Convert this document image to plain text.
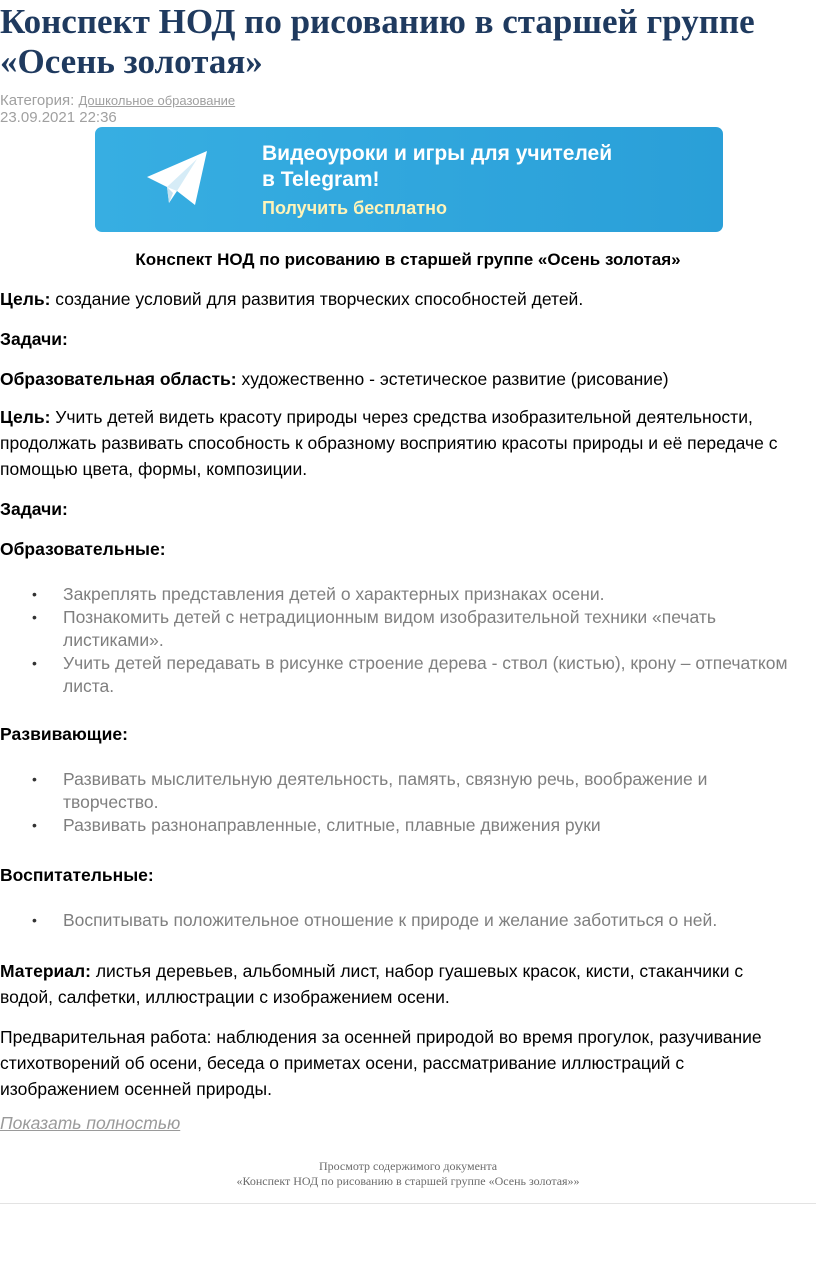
Конспект НОД по рисованию в старшей группе «Осень золотая»
Категория: Дошкольное образование
23.09.2021 22:36
Видеоуроки и игры для учителей
в Telegram!
Получить бесплатно
Конспект НОД по рисованию в старшей группе «Осень золотая»

Цель: создание условий для развития творческих способностей детей.

Задачи:

Образовательная область: художественно - эстетическое развитие (рисование)

Цель: Учить детей видеть красоту природы через средства изобразительной деятельности, продолжать развивать способность к образному восприятию красоты природы и её передаче с помощью цвета, формы, композиции.

Задачи:

Образовательные:

• Закреплять представления детей о характерных признаках осени.
• Познакомить детей с нетрадиционным видом изобразительной техники «печать листиками».
• Учить детей передавать в рисунке строение дерева - ствол (кистью), крону – отпечатком листа.

Развивающие:

• Развивать мыслительную деятельность, память, связную речь, воображение и творчество.
• Развивать разнонаправленные, слитные, плавные движения руки

Воспитательные:

• Воспитывать положительное отношение к природе и желание заботиться о ней.

Материал: листья деревьев, альбомный лист, набор гуашевых красок, кисти, стаканчики с водой, салфетки, иллюстрации с изображением осени.

Предварительная работа: наблюдения за осенней природой во время прогулок, разучивание стихотворений об осени, беседа о приметах осени, рассматривание иллюстраций с изображением осенней природы.

Показать полностью
Просмотр содержимого документа
«Конспект НОД по рисованию в старшей группе «Осень золотая»»
